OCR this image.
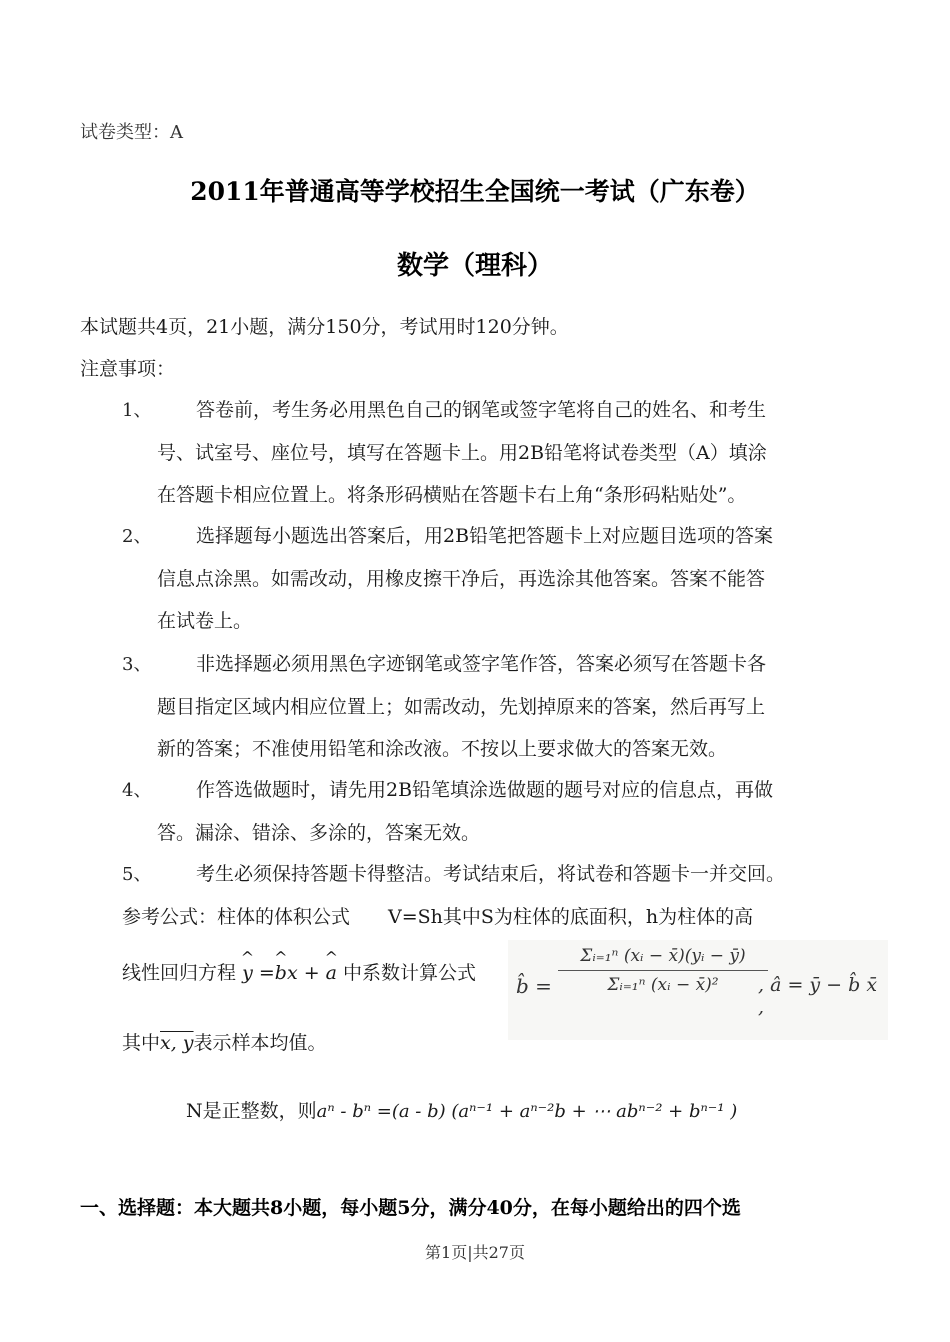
试卷类型：A
2011年普通高等学校招生全国统一考试（广东卷）
数学（理科）
本试题共4页，21小题，满分150分，考试用时120分钟。
注意事项：
1、 答卷前，考生务必用黑色自己的钢笔或签字笔将自己的姓名、和考生
号、试室号、座位号，填写在答题卡上。用2B铅笔将试卷类型（A）填涂
在答题卡相应位置上。将条形码横贴在答题卡右上角“条形码粘贴处”。
2、 选择题每小题选出答案后，用2B铅笔把答题卡上对应题目选项的答案
信息点涂黑。如需改动，用橡皮擦干净后，再选涂其他答案。答案不能答
在试卷上。
3、 非选择题必须用黑色字迹钢笔或签字笔作答，答案必须写在答题卡各
题目指定区域内相应位置上；如需改动，先划掉原来的答案，然后再写上
新的答案；不准使用铅笔和涂改液。不按以上要求做大的答案无效。
4、 作答选做题时，请先用2B铅笔填涂选做题的题号对应的信息点，再做
答。漏涂、错涂、多涂的，答案无效。
5、 考生必须保持答题卡得整洁。考试结束后，将试卷和答题卡一并交回。
参考公式：柱体的体积公式　　V=Sh其中S为柱体的底面积，h为柱体的高
线性回归方程 ^ y =^ bx + ^ a 中系数计算公式
b̂ = $\frac{\text{Σᵢ₌₁ⁿ (xᵢ − x̄)(yᵢ − ȳ)}}{\text{Σᵢ₌₁ⁿ (xᵢ − x̄)²}}$
, â = ȳ − b̂ x̄ ,
其中x, y表示样本均值。
N是正整数，则aⁿ - bⁿ =(a - b) (aⁿ⁻¹ + aⁿ⁻²b + ⋯ abⁿ⁻² + bⁿ⁻¹ )
一、选择题：本大题共8小题，每小题5分，满分40分，在每小题给出的四个选
第1页|共27页
